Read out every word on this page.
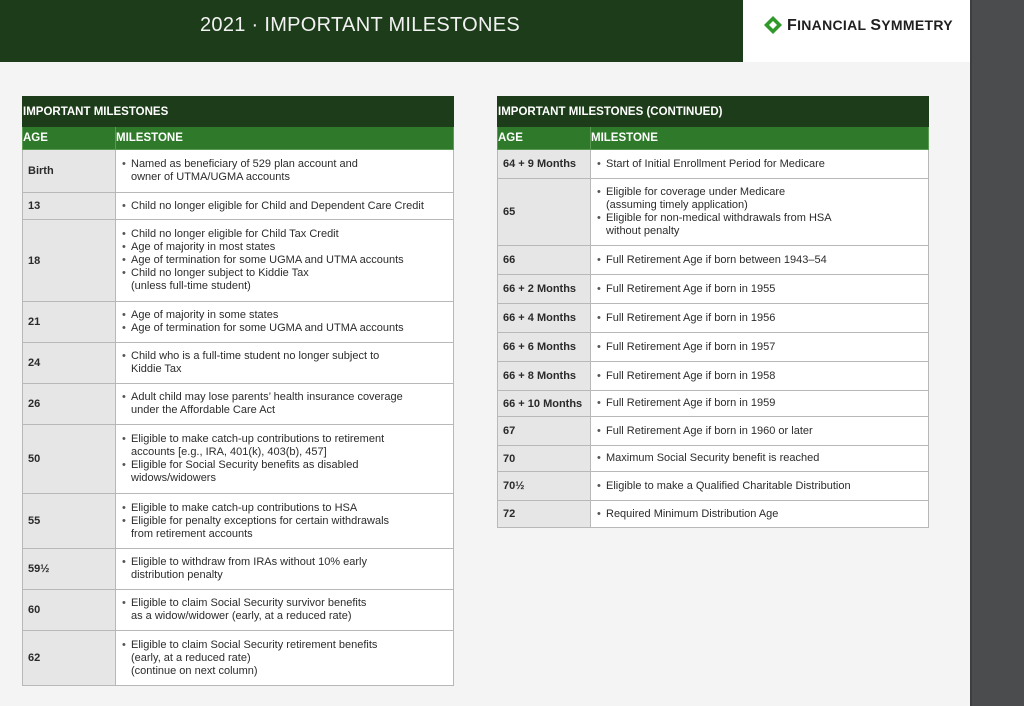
2021 · IMPORTANT MILESTONES	FINANCIAL SYMMETRY
IMPORTANT MILESTONES	
AGE	MILESTONE
Birth	• Named as beneficiary of 529 plan account and
owner of UTMA/UGMA accounts

13	• Child no longer eligible for Child and Dependent Care Credit

18	• Child no longer eligible for Child Tax Credit
• Age of majority in most states
• Age of termination for some UGMA and UTMA accounts
• Child no longer subject to Kiddie Tax
(unless full-time student)

21	• Age of majority in some states
• Age of termination for some UGMA and UTMA accounts

24	• Child who is a full-time student no longer subject to
Kiddie Tax

26	• Adult child may lose parents’ health insurance coverage
under the Affordable Care Act

50	• Eligible to make catch-up contributions to retirement
accounts [e.g., IRA, 401(k), 403(b), 457]
• Eligible for Social Security benefits as disabled
widows/widowers

55	• Eligible to make catch-up contributions to HSA
• Eligible for penalty exceptions for certain withdrawals
from retirement accounts

59½	• Eligible to withdraw from IRAs without 10% early
distribution penalty

60	• Eligible to claim Social Security survivor benefits
as a widow/widower (early, at a reduced rate)

62	• Eligible to claim Social Security retirement benefits
(early, at a reduced rate)
(continue on next column)
IMPORTANT MILESTONES (CONTINUED)	
AGE	MILESTONE
64 + 9 Months	• Start of Initial Enrollment Period for Medicare

65	• Eligible for coverage under Medicare
(assuming timely application)
• Eligible for non-medical withdrawals from HSA
without penalty

66	• Full Retirement Age if born between 1943–54

66 + 2 Months	• Full Retirement Age if born in 1955

66 + 4 Months	• Full Retirement Age if born in 1956

66 + 6 Months	• Full Retirement Age if born in 1957

66 + 8 Months	• Full Retirement Age if born in 1958

66 + 10 Months	• Full Retirement Age if born in 1959

67	• Full Retirement Age if born in 1960 or later

70	• Maximum Social Security benefit is reached

70½	• Eligible to make a Qualified Charitable Distribution

72	• Required Minimum Distribution Age
